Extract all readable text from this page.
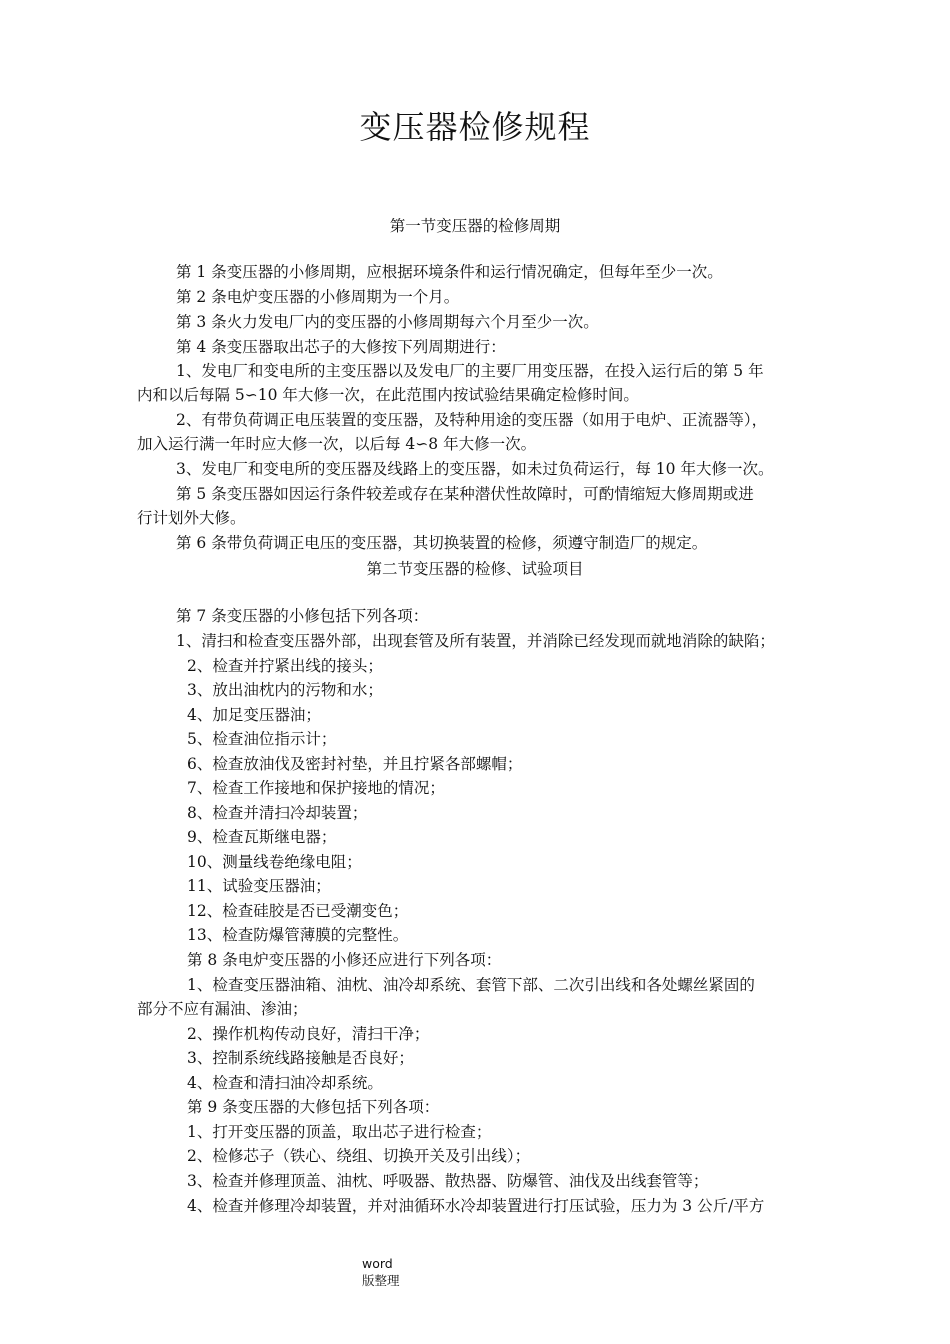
变压器检修规程
第一节变压器的检修周期
第 1 条变压器的小修周期，应根据环境条件和运行情况确定，但每年至少一次。
第 2 条电炉变压器的小修周期为一个月。
第 3 条火力发电厂内的变压器的小修周期每六个月至少一次。
第 4 条变压器取出芯子的大修按下列周期进行：
1、发电厂和变电所的主变压器以及发电厂的主要厂用变压器，在投入运行后的第 5 年
内和以后每隔 5∽10 年大修一次，在此范围内按试验结果确定检修时间。
2、有带负荷调正电压装置的变压器，及特种用途的变压器（如用于电炉、正流器等），
加入运行满一年时应大修一次，以后每 4∽8 年大修一次。
3、发电厂和变电所的变压器及线路上的变压器，如未过负荷运行，每 10 年大修一次。
第 5 条变压器如因运行条件较差或存在某种潜伏性故障时，可酌情缩短大修周期或进
行计划外大修。
第 6 条带负荷调正电压的变压器，其切换装置的检修，须遵守制造厂的规定。
第二节变压器的检修、试验项目
第 7 条变压器的小修包括下列各项：
1、清扫和检查变压器外部，出现套管及所有装置，并消除已经发现而就地消除的缺陷；
2、检查并拧紧出线的接头；
3、放出油枕内的污物和水；
4、加足变压器油；
5、检查油位指示计；
6、检查放油伐及密封衬垫，并且拧紧各部螺帽；
7、检查工作接地和保护接地的情况；
8、检查并清扫冷却装置；
9、检查瓦斯继电器；
10、测量线卷绝缘电阻；
11、试验变压器油；
12、检查硅胶是否已受潮变色；
13、检查防爆管薄膜的完整性。
第 8 条电炉变压器的小修还应进行下列各项：
1、检查变压器油箱、油枕、油冷却系统、套管下部、二次引出线和各处螺丝紧固的
部分不应有漏油、渗油；
2、操作机构传动良好，清扫干净；
3、控制系统线路接触是否良好；
4、检查和清扫油冷却系统。
第 9 条变压器的大修包括下列各项：
1、打开变压器的顶盖，取出芯子进行检查；
2、检修芯子（铁心、绕组、切换开关及引出线）；
3、检查并修理顶盖、油枕、呼吸器、散热器、防爆管、油伐及出线套管等；
4、检查并修理冷却装置，并对油循环水冷却装置进行打压试验，压力为 3 公斤/平方
word
版整理
